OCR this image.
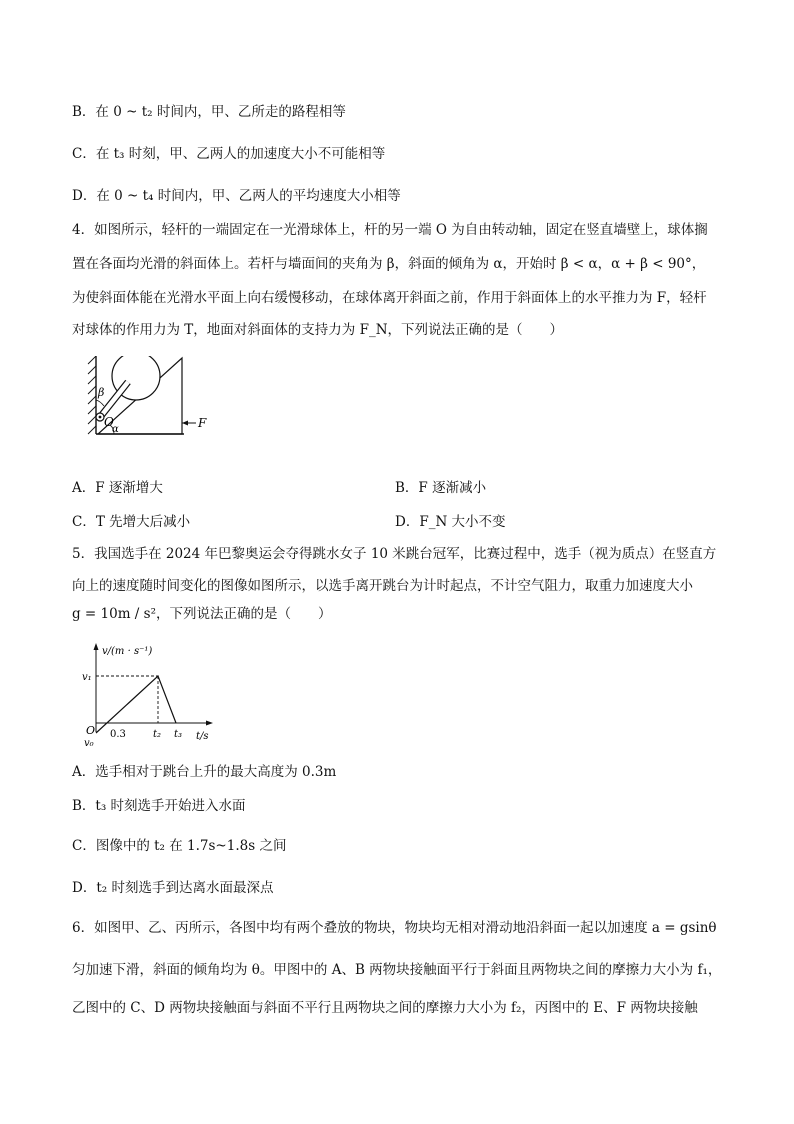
B．在 0 ~ t₂ 时间内，甲、乙所走的路程相等
C．在 t₃ 时刻，甲、乙两人的加速度大小不可能相等
D．在 0 ~ t₄ 时间内，甲、乙两人的平均速度大小相等
4．如图所示，轻杆的一端固定在一光滑球体上，杆的另一端 O 为自由转动轴，固定在竖直墙壁上，球体搁
置在各面均光滑的斜面体上。若杆与墙面间的夹角为 β，斜面的倾角为 α，开始时 β < α，α + β < 90°，
为使斜面体能在光滑水平面上向右缓慢移动，在球体离开斜面之前，作用于斜面体上的水平推力为 F，轻杆
对球体的作用力为 T，地面对斜面体的支持力为 F_N，下列说法正确的是（　　）
β
O
α	F
A．F 逐渐增大	B．F 逐渐减小
C．T 先增大后减小	D．F_N 大小不变
5．我国选手在 2024 年巴黎奥运会夺得跳水女子 10 米跳台冠军，比赛过程中，选手（视为质点）在竖直方
向上的速度随时间变化的图像如图所示，以选手离开跳台为计时起点，不计空气阻力，取重力加速度大小
g = 10m / s²，下列说法正确的是（　　）
v/(m · s⁻¹)
v₁
O
v₀
0.3	t₂ t₃ t/s
A．选手相对于跳台上升的最大高度为 0.3m
B．t₃ 时刻选手开始进入水面
C．图像中的 t₂ 在 1.7s~1.8s 之间
D．t₂ 时刻选手到达离水面最深点
6．如图甲、乙、丙所示，各图中均有两个叠放的物块，物块均无相对滑动地沿斜面一起以加速度 a = gsinθ
匀加速下滑，斜面的倾角均为 θ。甲图中的 A、B 两物块接触面平行于斜面且两物块之间的摩擦力大小为 f₁，
乙图中的 C、D 两物块接触面与斜面不平行且两物块之间的摩擦力大小为 f₂，丙图中的 E、F 两物块接触
